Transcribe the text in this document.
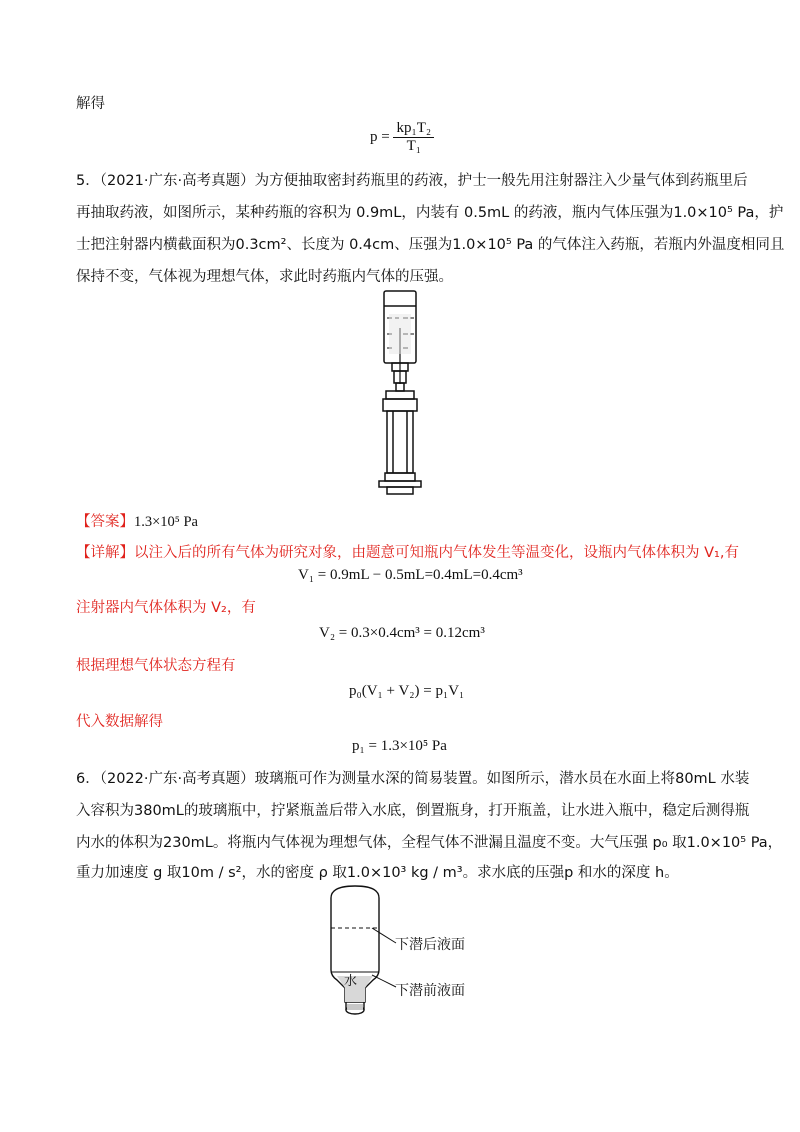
解得
$p = \frac{\text{kp₁T₂}}{\text{T₁}}$
5．（2021·广东·高考真题）为方便抽取密封药瓶里的药液，护士一般先用注射器注入少量气体到药瓶里后
再抽取药液，如图所示，某种药瓶的容积为 0.9mL，内装有 0.5mL 的药液，瓶内气体压强为1.0×10⁵ Pa，护
士把注射器内横截面积为0.3cm²、长度为 0.4cm、压强为1.0×10⁵ Pa 的气体注入药瓶，若瓶内外温度相同且
保持不变，气体视为理想气体，求此时药瓶内气体的压强。
【答案】1.3×10⁵ Pa
【详解】以注入后的所有气体为研究对象，由题意可知瓶内气体发生等温变化，设瓶内气体体积为 V₁,有
V₁ = 0.9mL − 0.5mL=0.4mL=0.4cm³
注射器内气体体积为 V₂，有
V₂ = 0.3×0.4cm³ = 0.12cm³
根据理想气体状态方程有
p₀(V₁ + V₂) = p₁V₁
代入数据解得
p₁ = 1.3×10⁵ Pa
6．（2022·广东·高考真题）玻璃瓶可作为测量水深的简易装置。如图所示，潜水员在水面上将80mL 水装
入容积为380mL的玻璃瓶中，拧紧瓶盖后带入水底，倒置瓶身，打开瓶盖，让水进入瓶中，稳定后测得瓶
内水的体积为230mL。将瓶内气体视为理想气体，全程气体不泄漏且温度不变。大气压强 p₀ 取1.0×10⁵ Pa，
重力加速度 g 取10m / s²，水的密度 ρ 取1.0×10³ kg / m³。求水底的压强p 和水的深度 h。
水
下潜后液面
下潜前液面
